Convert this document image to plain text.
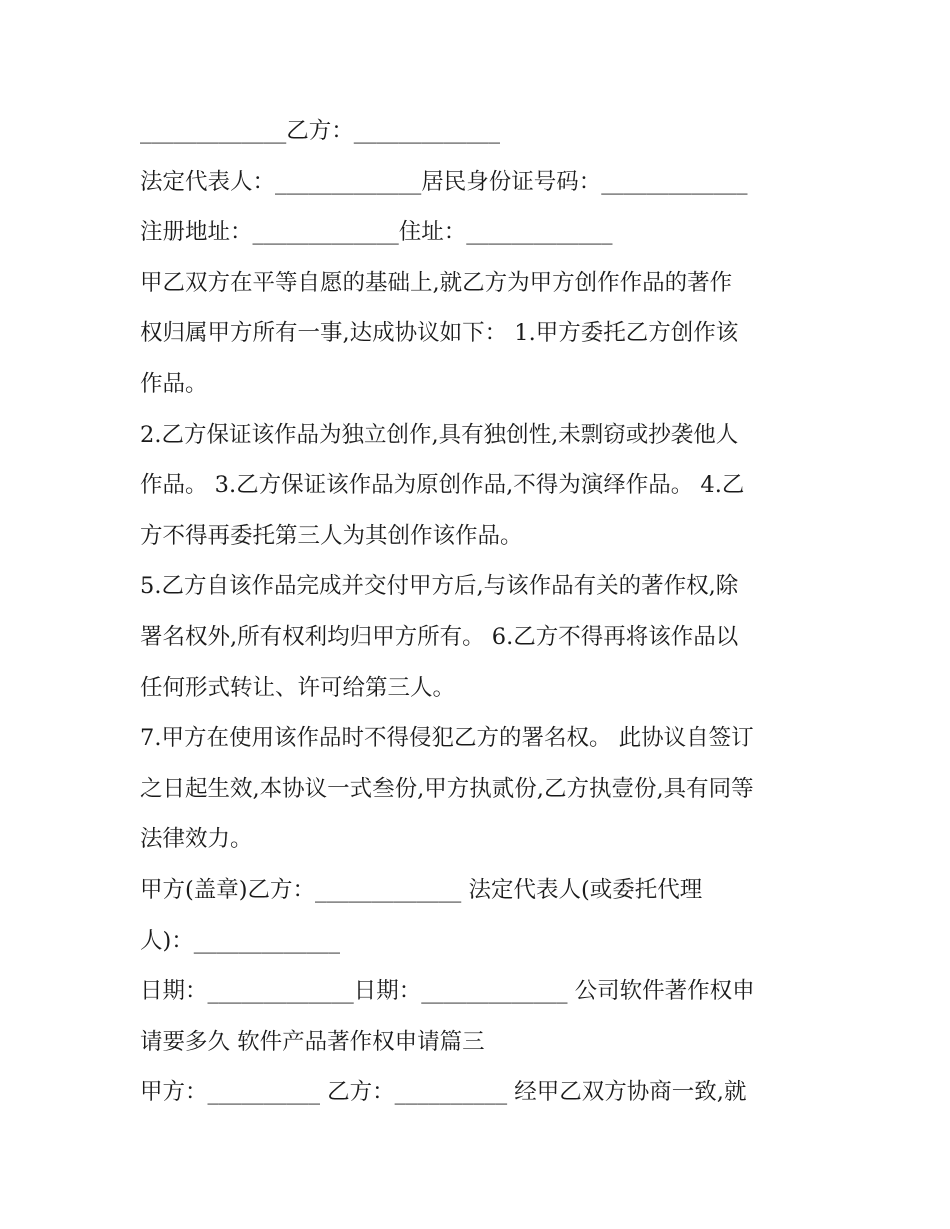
_____________乙方：_____________
法定代表人：_____________居民身份证号码：_____________
注册地址：_____________住址：_____________
甲乙双方在平等自愿的基础上,就乙方为甲方创作作品的著作
权归属甲方所有一事,达成协议如下： 1.甲方委托乙方创作该
作品。
2.乙方保证该作品为独立创作,具有独创性,未剽窃或抄袭他人
作品。 3.乙方保证该作品为原创作品,不得为演绎作品。 4.乙
方不得再委托第三人为其创作该作品。
5.乙方自该作品完成并交付甲方后,与该作品有关的著作权,除
署名权外,所有权利均归甲方所有。 6.乙方不得再将该作品以
任何形式转让、许可给第三人。
7.甲方在使用该作品时不得侵犯乙方的署名权。 此协议自签订
之日起生效,本协议一式叁份,甲方执贰份,乙方执壹份,具有同等
法律效力。
甲方(盖章)乙方：_____________ 法定代表人(或委托代理
人)：_____________
日期：_____________日期：_____________ 公司软件著作权申
请要多久 软件产品著作权申请篇三
甲方：__________ 乙方：__________ 经甲乙双方协商一致,就
